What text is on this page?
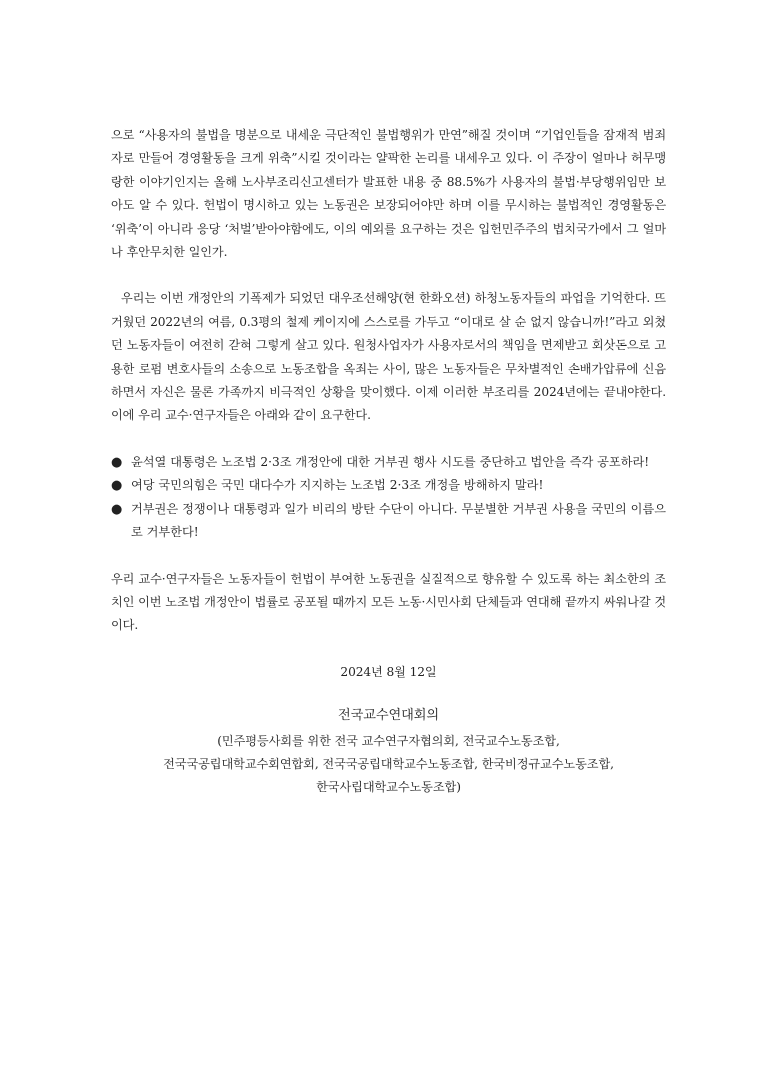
으로 “사용자의 불법을 명분으로 내세운 극단적인 불법행위가 만연”해질 것이며 “기업인들을 잠재적 범죄자로 만들어 경영활동을 크게 위축”시킬 것이라는 얄팍한 논리를 내세우고 있다. 이 주장이 얼마나 허무맹랑한 이야기인지는 올해 노사부조리신고센터가 발표한 내용 중 88.5%가 사용자의 불법·부당행위임만 보아도 알 수 있다. 헌법이 명시하고 있는 노동권은 보장되어야만 하며 이를 무시하는 불법적인 경영활동은 ‘위축’이 아니라 응당 ‘처벌’받아야함에도, 이의 예외를 요구하는 것은 입헌민주주의 법치국가에서 그 얼마나 후안무치한 일인가.

우리는 이번 개정안의 기폭제가 되었던 대우조선해양(현 한화오션) 하청노동자들의 파업을 기억한다. 뜨거웠던 2022년의 여름, 0.3평의 철제 케이지에 스스로를 가두고 “이대로 살 순 없지 않습니까!”라고 외쳤던 노동자들이 여전히 갇혀 그렇게 살고 있다. 원청사업자가 사용자로서의 책임을 면제받고 회삿돈으로 고용한 로펌 변호사들의 소송으로 노동조합을 옥죄는 사이, 많은 노동자들은 무차별적인 손배가압류에 신음하면서 자신은 물론 가족까지 비극적인 상황을 맞이했다. 이제 이러한 부조리를 2024년에는 끝내야한다. 이에 우리 교수·연구자들은 아래와 같이 요구한다.

● 윤석열 대통령은 노조법 2·3조 개정안에 대한 거부권 행사 시도를 중단하고 법안을 즉각 공포하라!
● 여당 국민의힘은 국민 대다수가 지지하는 노조법 2·3조 개정을 방해하지 말라!
● 거부권은 정쟁이나 대통령과 일가 비리의 방탄 수단이 아니다. 무분별한 거부권 사용을 국민의 이름으로 거부한다!

우리 교수·연구자들은 노동자들이 헌법이 부여한 노동권을 실질적으로 향유할 수 있도록 하는 최소한의 조치인 이번 노조법 개정안이 법률로 공포될 때까지 모든 노동·시민사회 단체들과 연대해 끝까지 싸워나갈 것이다.

2024년 8월 12일

전국교수연대회의

(민주평등사회를 위한 전국 교수연구자협의회, 전국교수노동조합,

전국국공립대학교수회연합회, 전국국공립대학교수노동조합, 한국비정규교수노동조합,

한국사립대학교수노동조합)
